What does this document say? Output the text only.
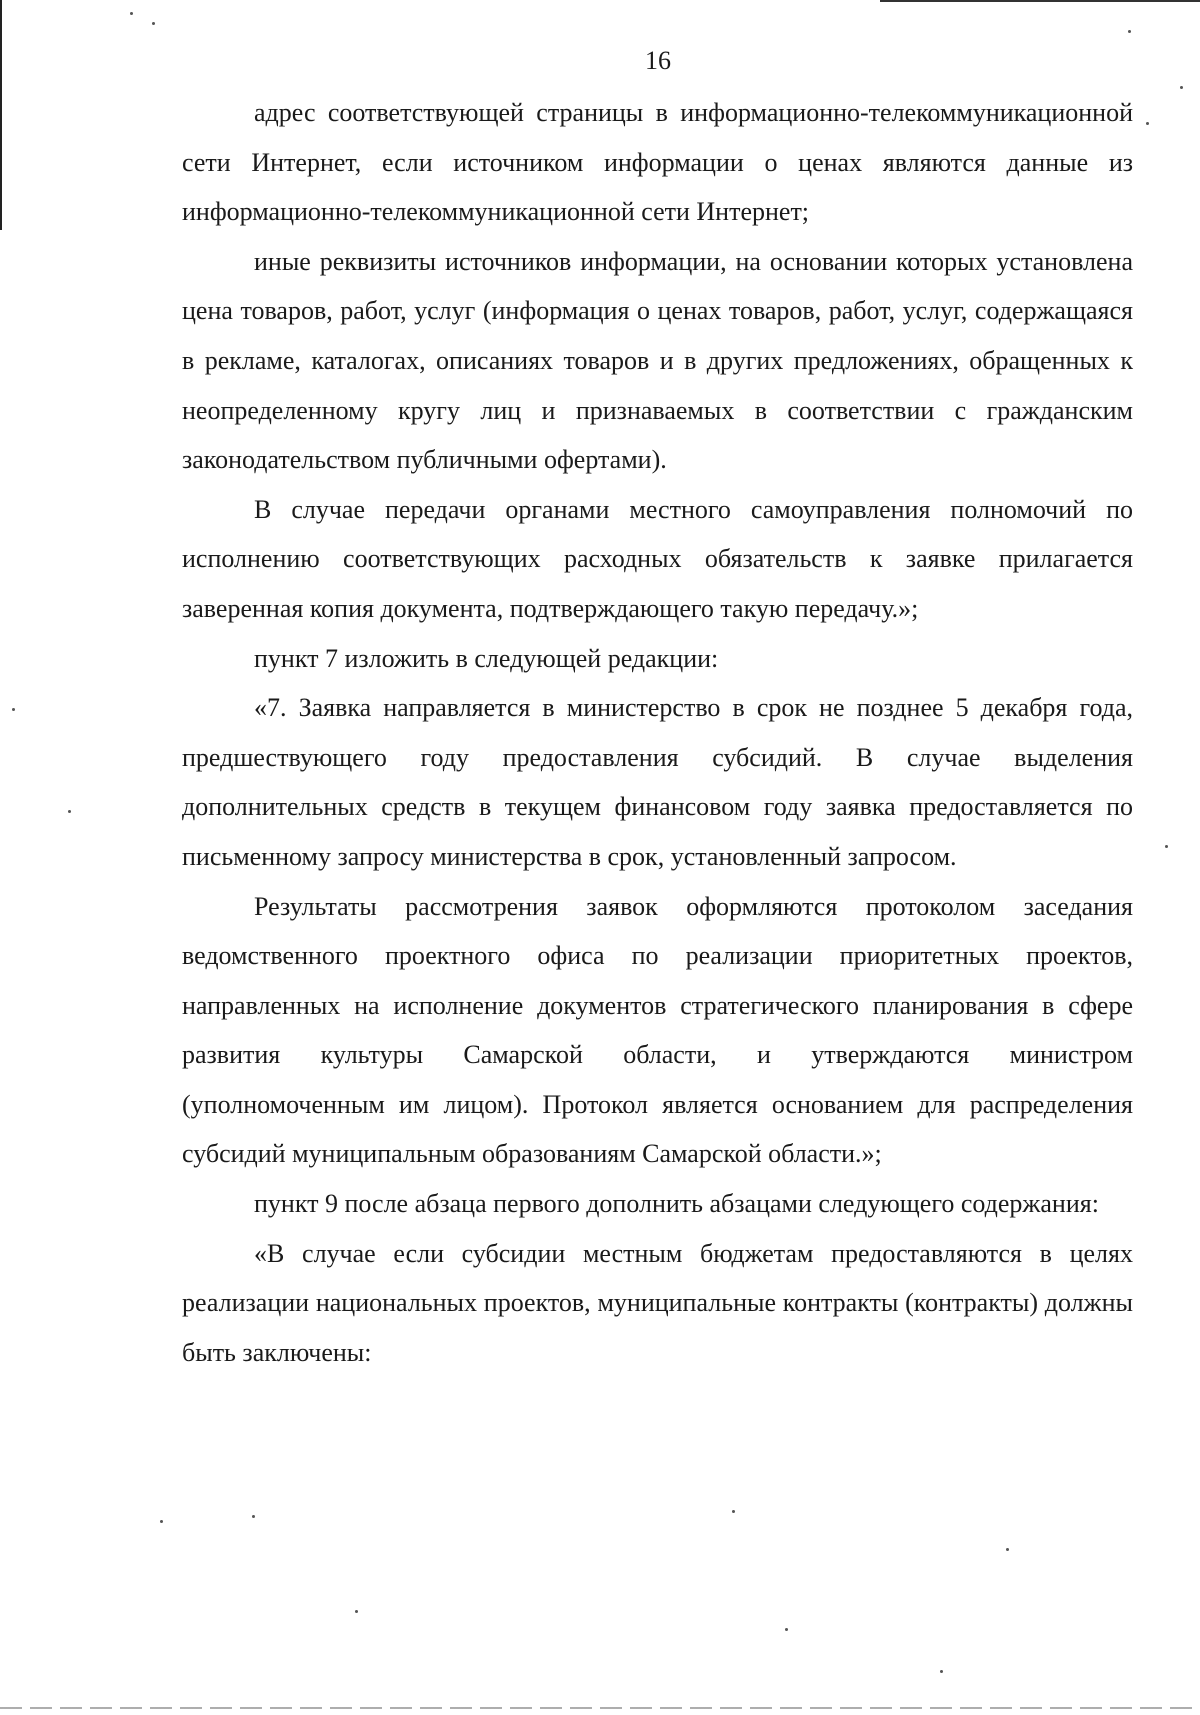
16

адрес соответствующей страницы в информационно-телекоммуникационной сети Интернет, если источником информации о ценах являются данные из информационно-телекоммуникационной сети Интернет;

иные реквизиты источников информации, на основании которых установлена цена товаров, работ, услуг (информация о ценах товаров, работ, услуг, содержащаяся в рекламе, каталогах, описаниях товаров и в других предложениях, обращенных к неопределенному кругу лиц и признаваемых в соответствии с гражданским законодательством публичными офертами).

В случае передачи органами местного самоуправления полномочий по исполнению соответствующих расходных обязательств к заявке прилагается заверенная копия документа, подтверждающего такую передачу.»;

пункт 7 изложить в следующей редакции:

«7. Заявка направляется в министерство в срок не позднее 5 декабря года, предшествующего году предоставления субсидий. В случае выделения дополнительных средств в текущем финансовом году заявка предоставляется по письменному запросу министерства в срок, установленный запросом.

Результаты рассмотрения заявок оформляются протоколом заседания ведомственного проектного офиса по реализации приоритетных проектов, направленных на исполнение документов стратегического планирования в сфере развития культуры Самарской области, и утверждаются министром (уполномоченным им лицом). Протокол является основанием для распределения субсидий муниципальным образованиям Самарской области.»;

пункт 9 после абзаца первого дополнить абзацами следующего содержания:

«В случае если субсидии местным бюджетам предоставляются в целях реализации национальных проектов, муниципальные контракты (контракты) должны быть заключены:
